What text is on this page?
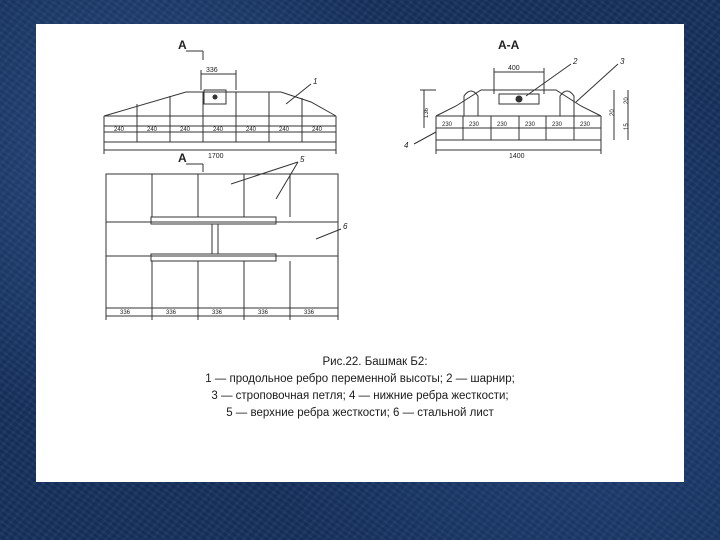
A
A
A-A
336
1700
400
1400
240	240	240	240	240	240	240
230	230	230	230	230	230
136	20
20
15
336	336	336	336	336
1
2	3
4
5
6
Рис.22. Башмак Б2:
1 — продольное ребро переменной высоты; 2 — шарнир;
3 — строповочная петля; 4 — нижние ребра жесткости;
5 — верхние ребра жесткости; 6 — стальной лист
